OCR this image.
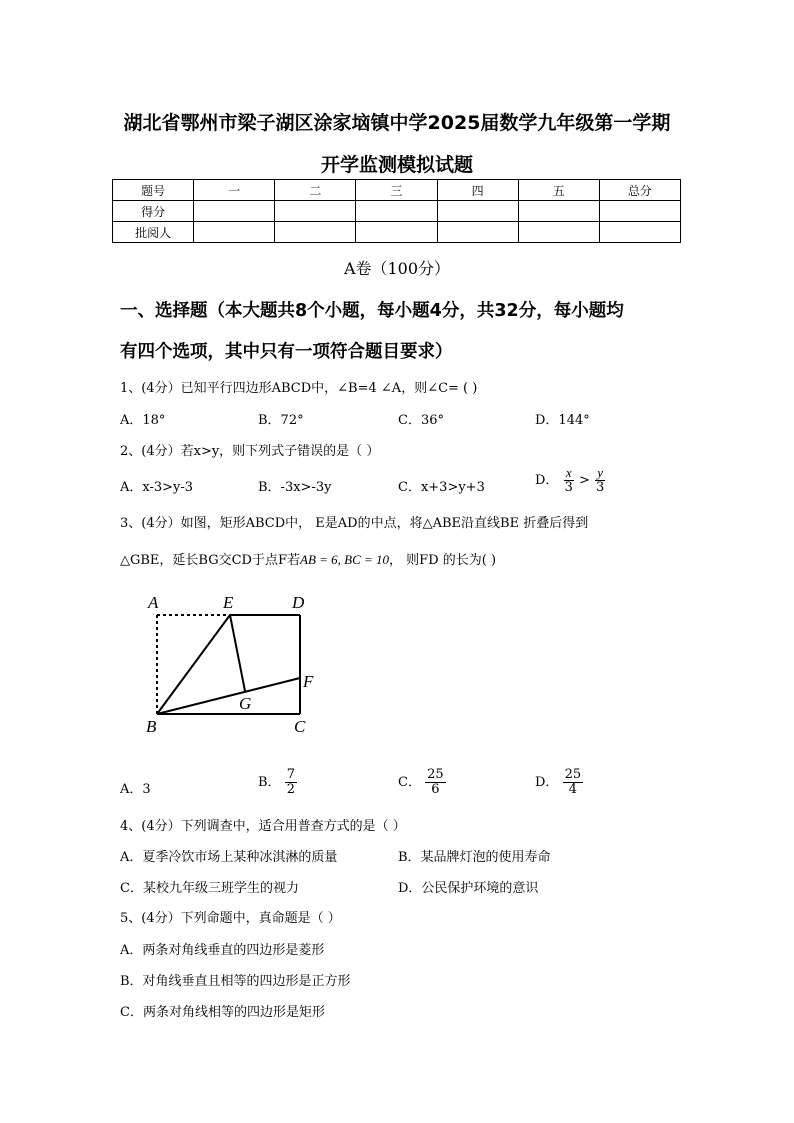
湖北省鄂州市梁子湖区涂家垴镇中学2025届数学九年级第一学期
开学监测模拟试题
题号	一	二	三	四	五	总分
得分						
批阅人						
A卷（100分）
一、选择题（本大题共8个小题，每小题4分，共32分，每小题均
有四个选项，其中只有一项符合题目要求）
1、(4分）已知平行四边形ABCD中，∠B=4 ∠A，则∠C= ( )
A．18°	B．72°	C．36°	D．144°
2、(4分）若x>y，则下列式子错误的是（ ）
A．x-3>y-3	B．-3x>-3y	C．x+3>y+3	D． $\frac{x}{3} > \frac{y}{3}$
3、(4分）如图，矩形ABCD中， E是AD的中点，将△ABE沿直线BE 折叠后得到
△GBE，延长BG交CD于点F若AB = 6, BC = 10， 则FD 的长为( )
A	E	D
F
G
B	C
A．3	B． $\frac{7}{2}$	C． $\frac{25}{6}$	D． $\frac{25}{4}$
4、(4分）下列调查中，适合用普查方式的是（ ）
A．夏季冷饮市场上某种冰淇淋的质量	B．某品牌灯泡的使用寿命
C．某校九年级三班学生的视力	D．公民保护环境的意识
5、(4分）下列命题中，真命题是（ ）
A．两条对角线垂直的四边形是菱形
B．对角线垂直且相等的四边形是正方形
C．两条对角线相等的四边形是矩形
